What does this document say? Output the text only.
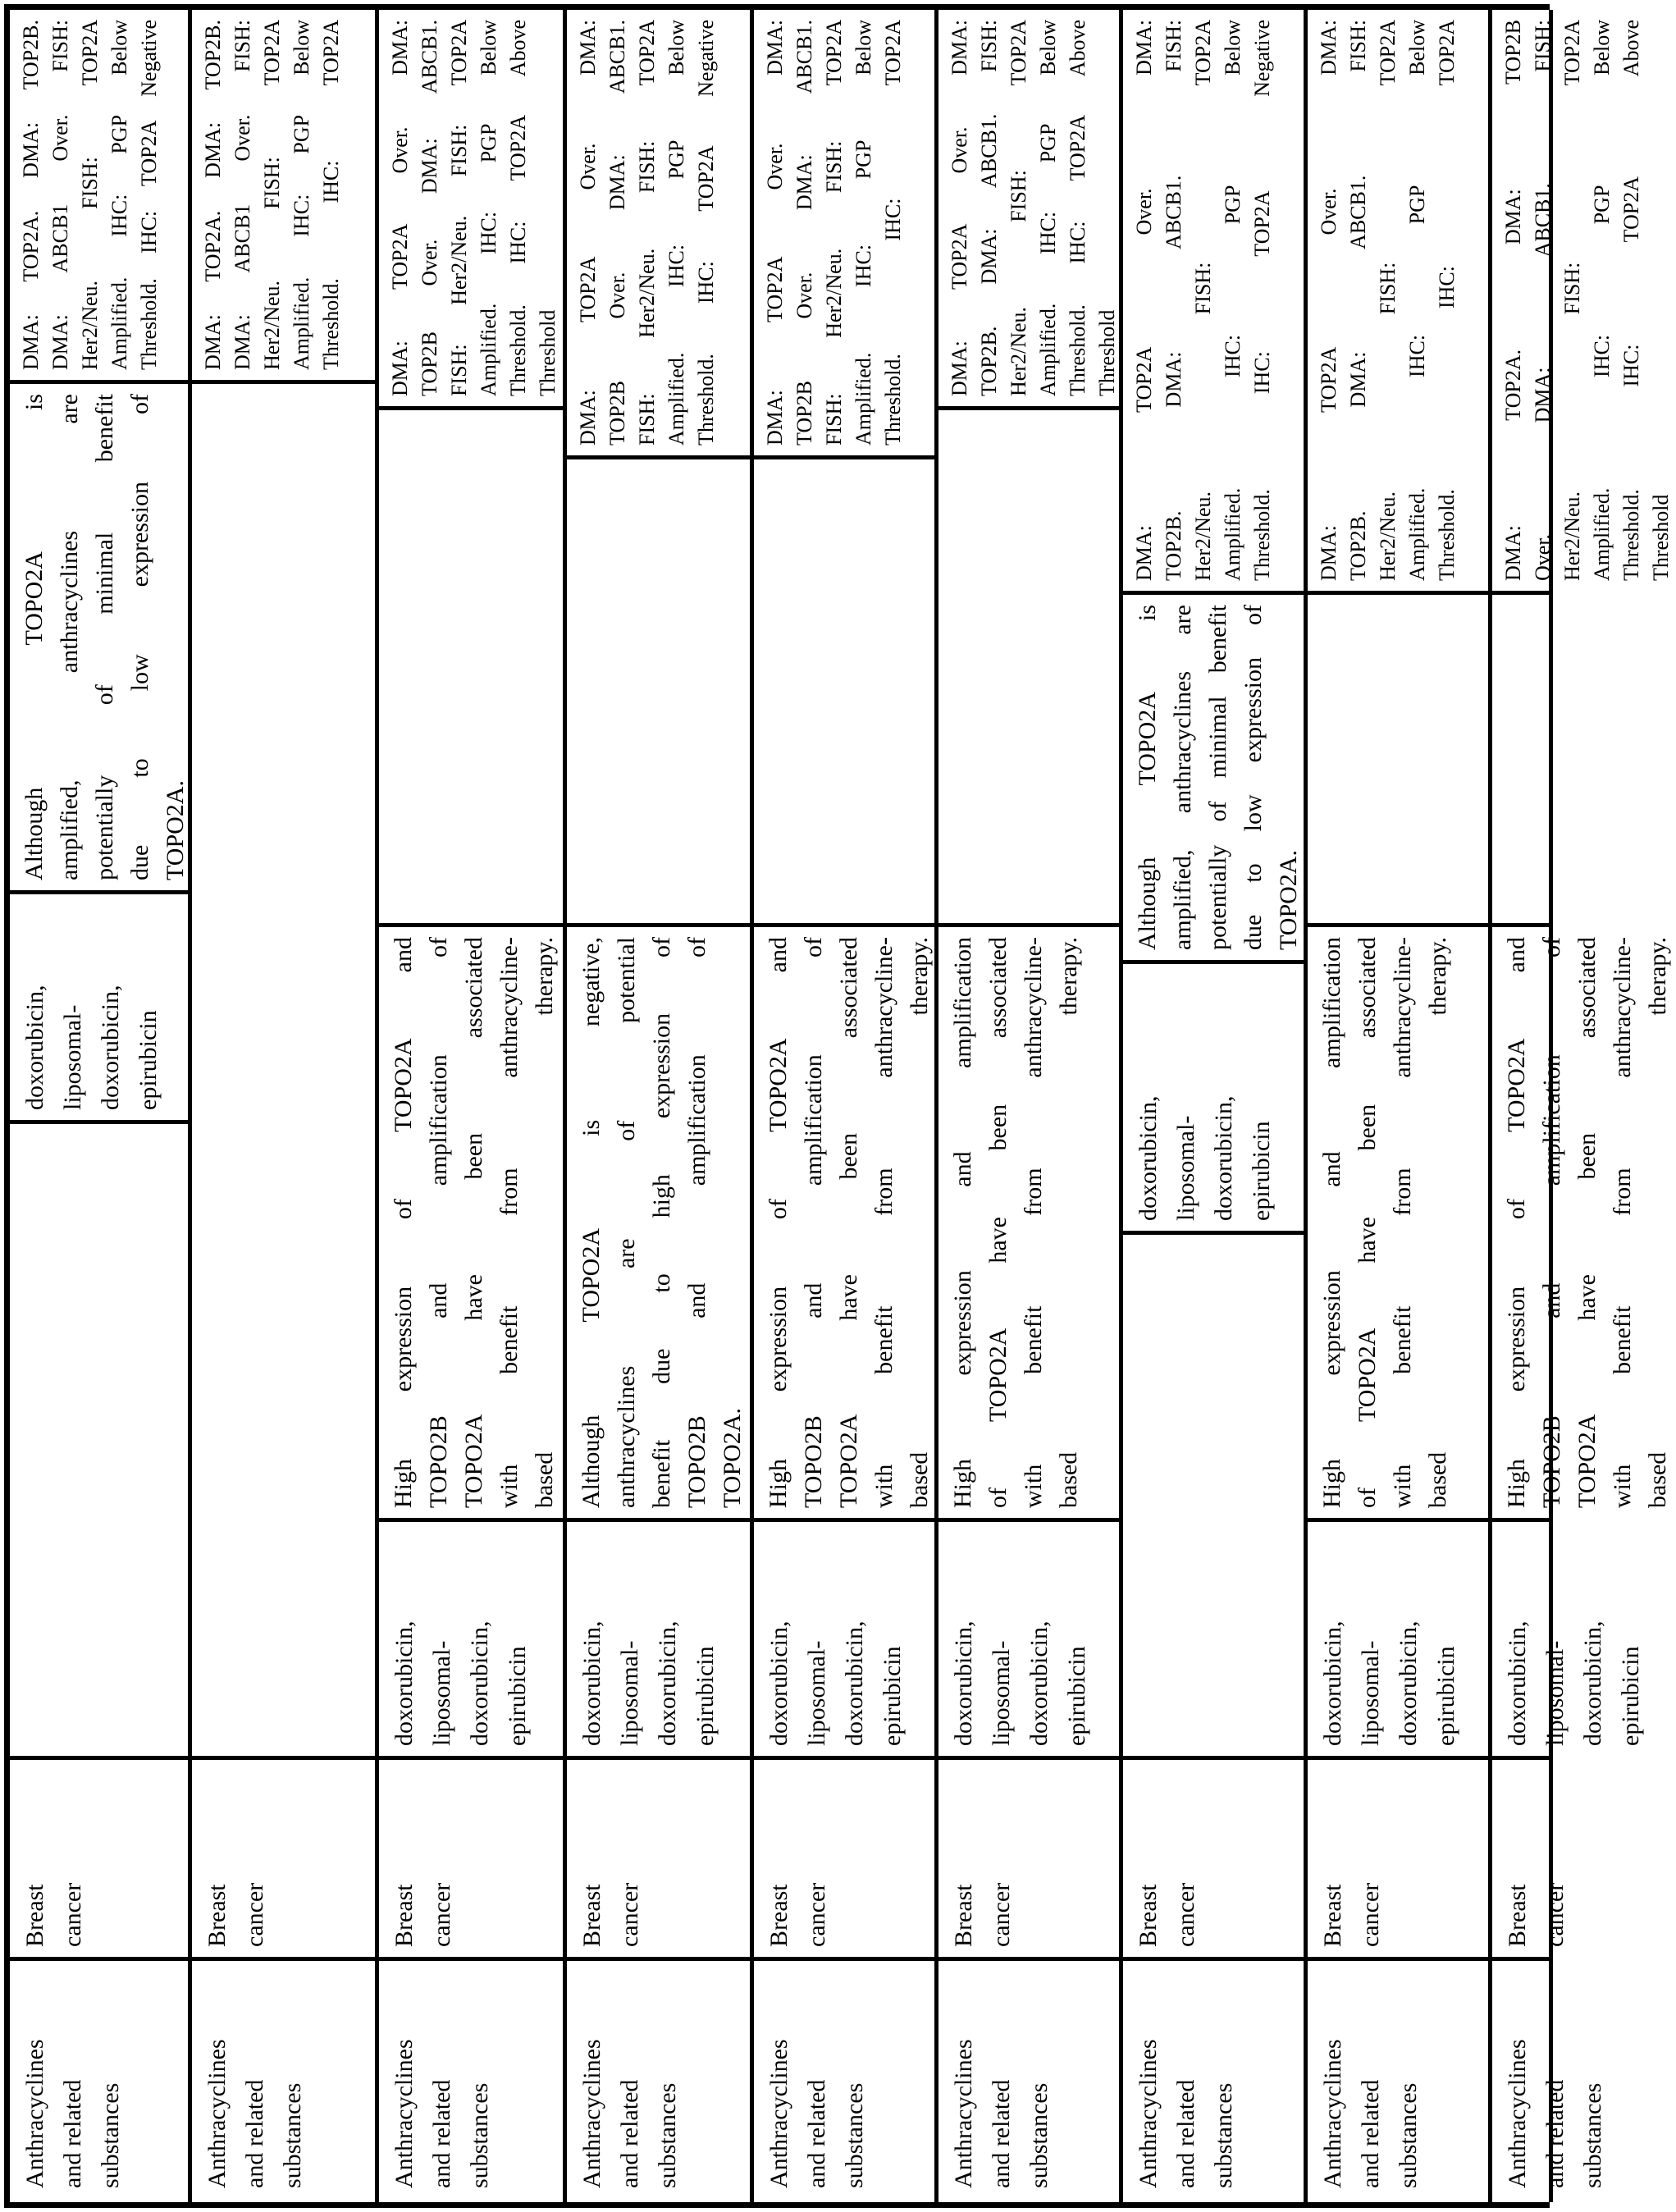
DMA: TOP2A. DMA: TOP2B. DMA: ABCB1 Over. FISH: Her2/Neu. FISH: TOP2A Amplified. IHC: PGP Below Threshold. IHC: TOP2A Negative
Although TOPO2A is amplified, anthracyclines are potentially of minimal benefit due to low expression of TOPO2A.
doxorubicin, liposomal- doxorubicin, epirubicin
Breast cancer
Anthracyclines and related substances
DMA: TOP2A. DMA: TOP2B. DMA: ABCB1 Over. FISH: Her2/Neu. FISH: TOP2A Amplified. IHC: PGP Below Threshold. IHC: TOP2A
Breast cancer
Anthracyclines and related substances
DMA: TOP2A Over. DMA: TOP2B Over. DMA: ABCB1. FISH: Her2/Neu. FISH: TOP2A Amplified. IHC: PGP Below Threshold. IHC: TOP2A Above Threshold
High expression of TOPO2A and TOPO2B and amplification of TOPO2A have been associated with benefit from anthracycline- based therapy.
doxorubicin, liposomal- doxorubicin, epirubicin
Breast cancer
Anthracyclines and related substances
DMA: TOP2A Over. DMA: TOP2B Over. DMA: ABCB1. FISH: Her2/Neu. FISH: TOP2A Amplified. IHC: PGP Below Threshold. IHC: TOP2A Negative
Although TOPO2A is negative, anthracyclines are of potential benefit due to high expression of TOPO2B and amplification of TOPO2A.
doxorubicin, liposomal- doxorubicin, epirubicin
Breast cancer
Anthracyclines and related substances
DMA: TOP2A Over. DMA: TOP2B Over. DMA: ABCB1. FISH: Her2/Neu. FISH: TOP2A Amplified. IHC: PGP Below Threshold. IHC: TOP2A
High expression of TOPO2A and TOPO2B and amplification of TOPO2A have been associated with benefit from anthracycline- based therapy.
doxorubicin, liposomal- doxorubicin, epirubicin
Breast cancer
Anthracyclines and related substances
DMA: TOP2A Over. DMA: TOP2B. DMA: ABCB1. FISH: Her2/Neu. FISH: TOP2A Amplified. IHC: PGP Below Threshold. IHC: TOP2A Above Threshold
High expression and amplification of TOPO2A have been associated with benefit from anthracycline- based therapy.
doxorubicin, liposomal- doxorubicin, epirubicin
Breast cancer
Anthracyclines and related substances
DMA: TOP2A Over. DMA: TOP2B. DMA: ABCB1. FISH: Her2/Neu. FISH: TOP2A Amplified. IHC: PGP Below Threshold. IHC: TOP2A Negative
Although TOPO2A is amplified, anthracyclines are potentially of minimal benefit due to low expression of TOPO2A.
doxorubicin, liposomal- doxorubicin, epirubicin
Breast cancer
Anthracyclines and related substances
DMA: TOP2A Over. DMA: TOP2B. DMA: ABCB1. FISH: Her2/Neu. FISH: TOP2A Amplified. IHC: PGP Below Threshold. IHC: TOP2A
High expression and amplification of TOPO2A have been associated with benefit from anthracycline- based therapy.
doxorubicin, liposomal- doxorubicin, epirubicin
Breast cancer
Anthracyclines and related substances
DMA: TOP2A. DMA: TOP2B Over. DMA: ABCB1. FISH: Her2/Neu. FISH: TOP2A Amplified. IHC: PGP Below Threshold. IHC: TOP2A Above Threshold
High expression of TOPO2A and TOPO2B and amplification of TOPO2A have been associated with benefit from anthracycline- based therapy.
doxorubicin, liposomal- doxorubicin, epirubicin
Breast cancer
Anthracyclines and related substances
